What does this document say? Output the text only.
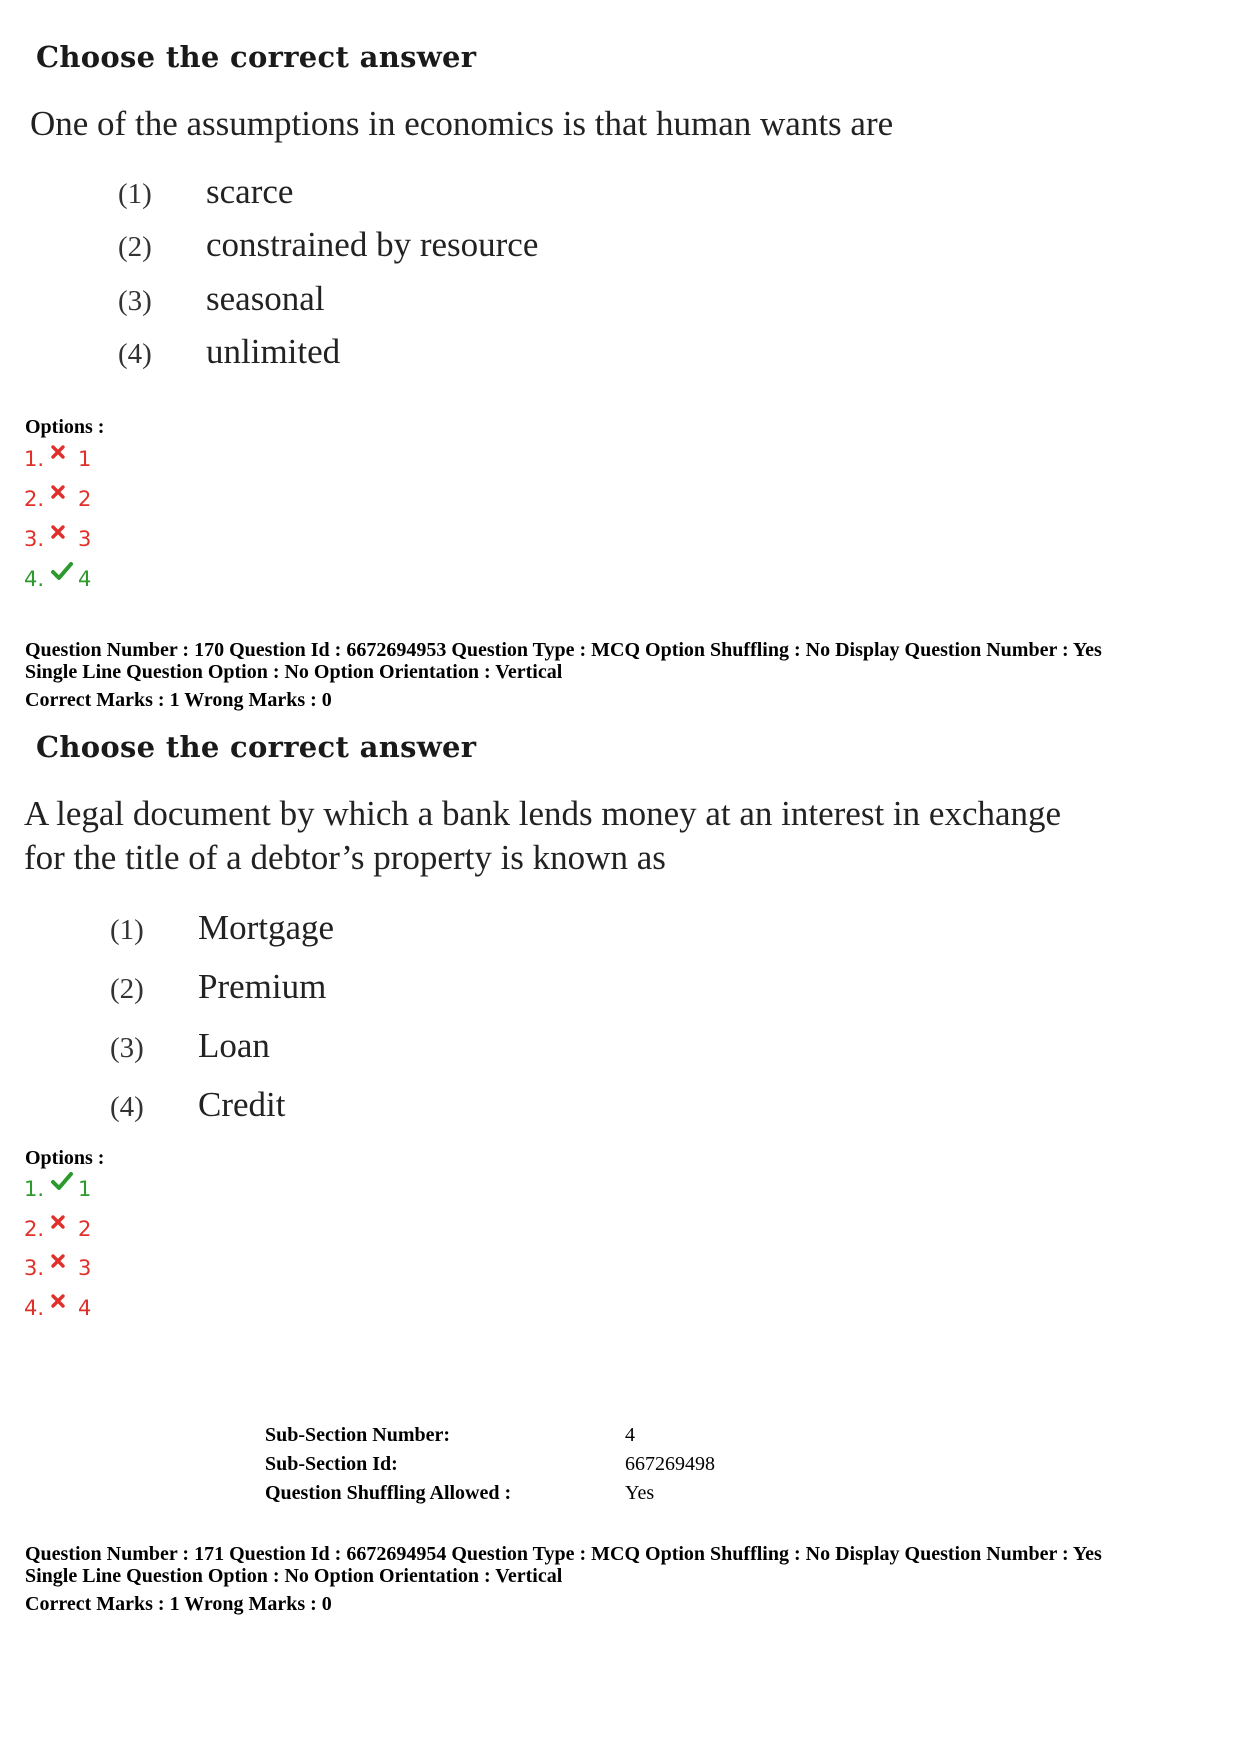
Choose the correct answer
One of the assumptions in economics is that human wants are
(1)	scarce
(2)	constrained by resource
(3)	seasonal
(4)	unlimited
Options :
1. 1
2. 2
3. 3
4. 4
Question Number : 170 Question Id : 6672694953 Question Type : MCQ Option Shuffling : No Display Question Number : Yes
Single Line Question Option : No Option Orientation : Vertical
Correct Marks : 1 Wrong Marks : 0
Choose the correct answer
A legal document by which a bank lends money at an interest in exchange
for the title of a debtor’s property is known as
(1)	Mortgage
(2)	Premium
(3)	Loan
(4)	Credit
Options :
1. 1
2. 2
3. 3
4. 4
Sub-Section Number:	4
Sub-Section Id:	667269498
Question Shuffling Allowed :	Yes
Question Number : 171 Question Id : 6672694954 Question Type : MCQ Option Shuffling : No Display Question Number : Yes
Single Line Question Option : No Option Orientation : Vertical
Correct Marks : 1 Wrong Marks : 0
